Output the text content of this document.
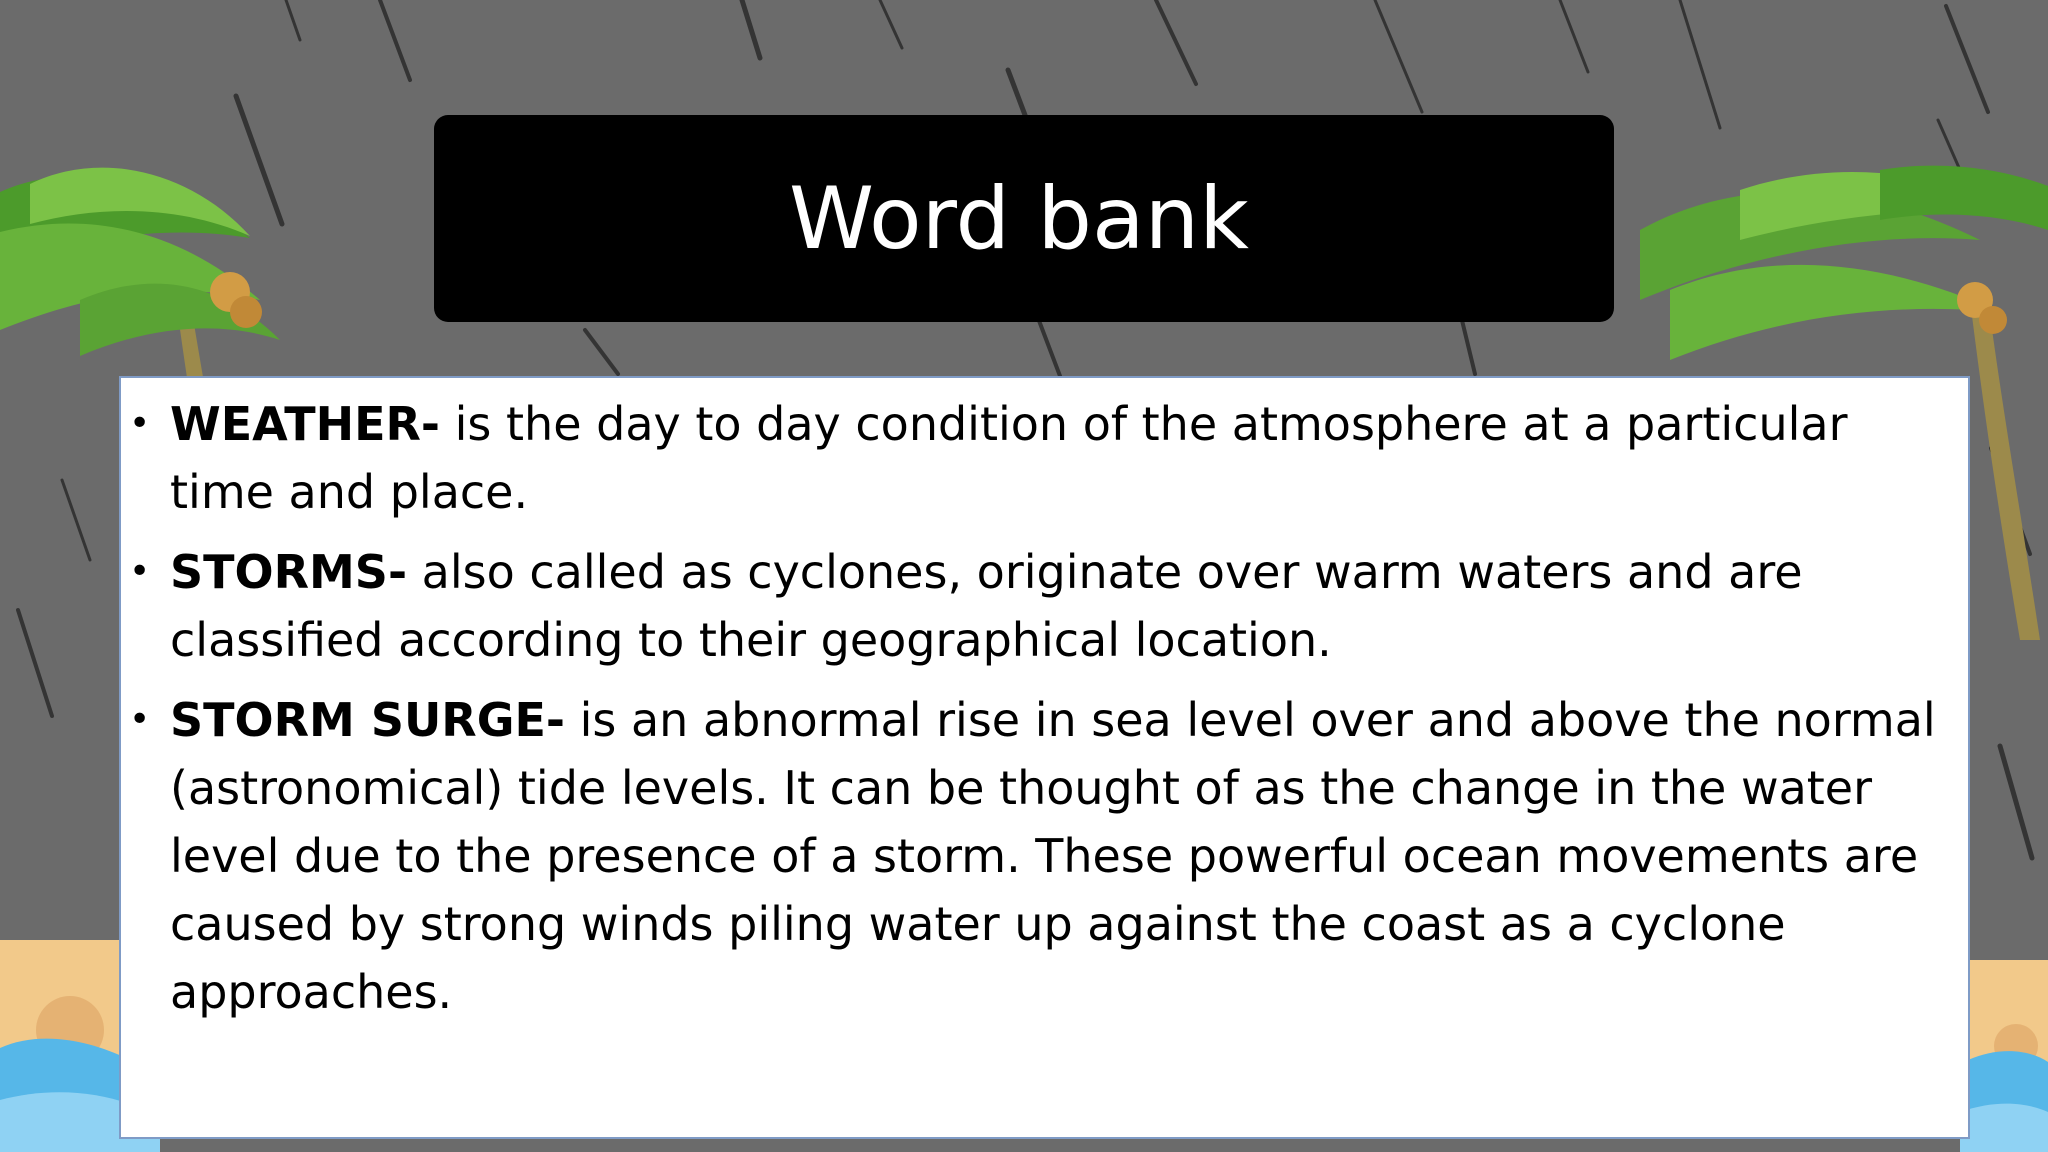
Word bank
• WEATHER- is the day to day condition of the atmosphere at a particular time and place.
• STORMS- also called as cyclones, originate over warm waters and are classified according to their geographical location.
• STORM SURGE- is an abnormal rise in sea level over and above the normal (astronomical) tide levels. It can be thought of as the change in the water level due to the presence of a storm. These powerful ocean movements are caused by strong winds piling water up against the coast as a cyclone approaches.
